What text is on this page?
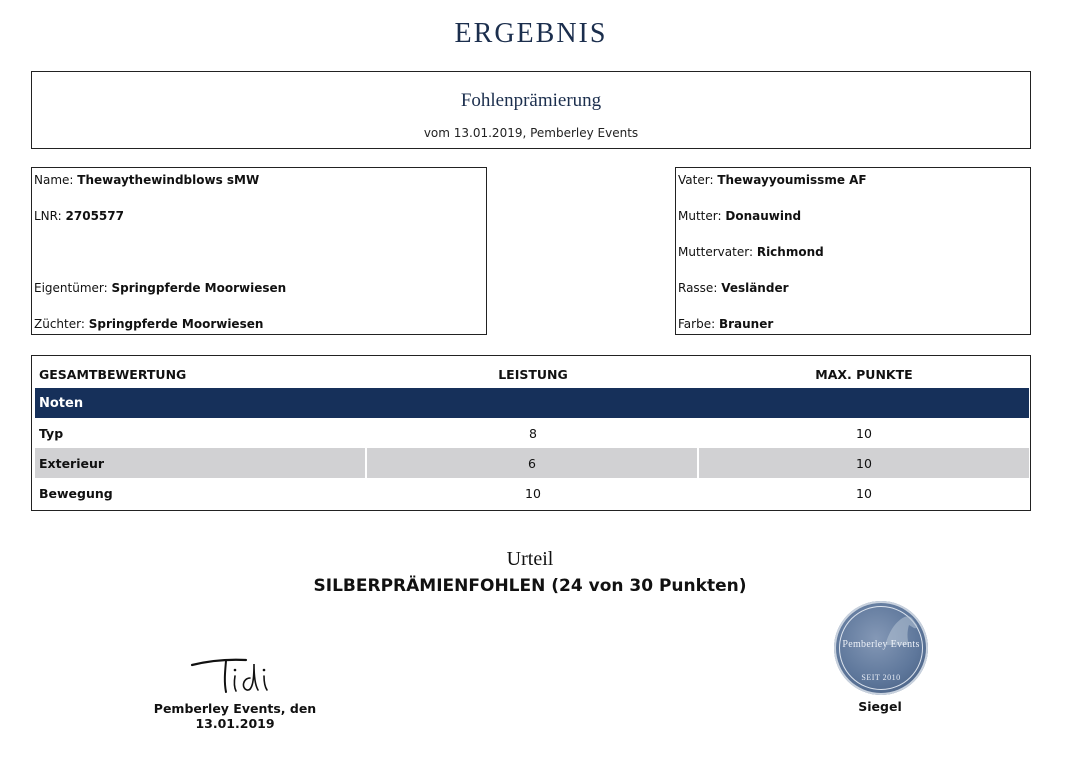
ERGEBNIS
Fohlenprämierung
vom 13.01.2019, Pemberley Events
Name: Thewaythewindblows sMW
LNR: 2705577
Eigentümer: Springpferde Moorwiesen
Züchter: Springpferde Moorwiesen
Vater: Thewayyoumissme AF
Mutter: Donauwind
Muttervater: Richmond
Rasse: Vesländer
Farbe: Brauner
GESAMTBEWERTUNG	LEISTUNG	MAX. PUNKTE
Noten		
Typ	8	10
Exterieur	6	10
Bewegung	10	10
Urteil
SILBERPRÄMIENFOHLEN (24 von 30 Punkten)
Pemberley Events, den 13.01.2019
Pemberley Events
SEIT 2010
Siegel
